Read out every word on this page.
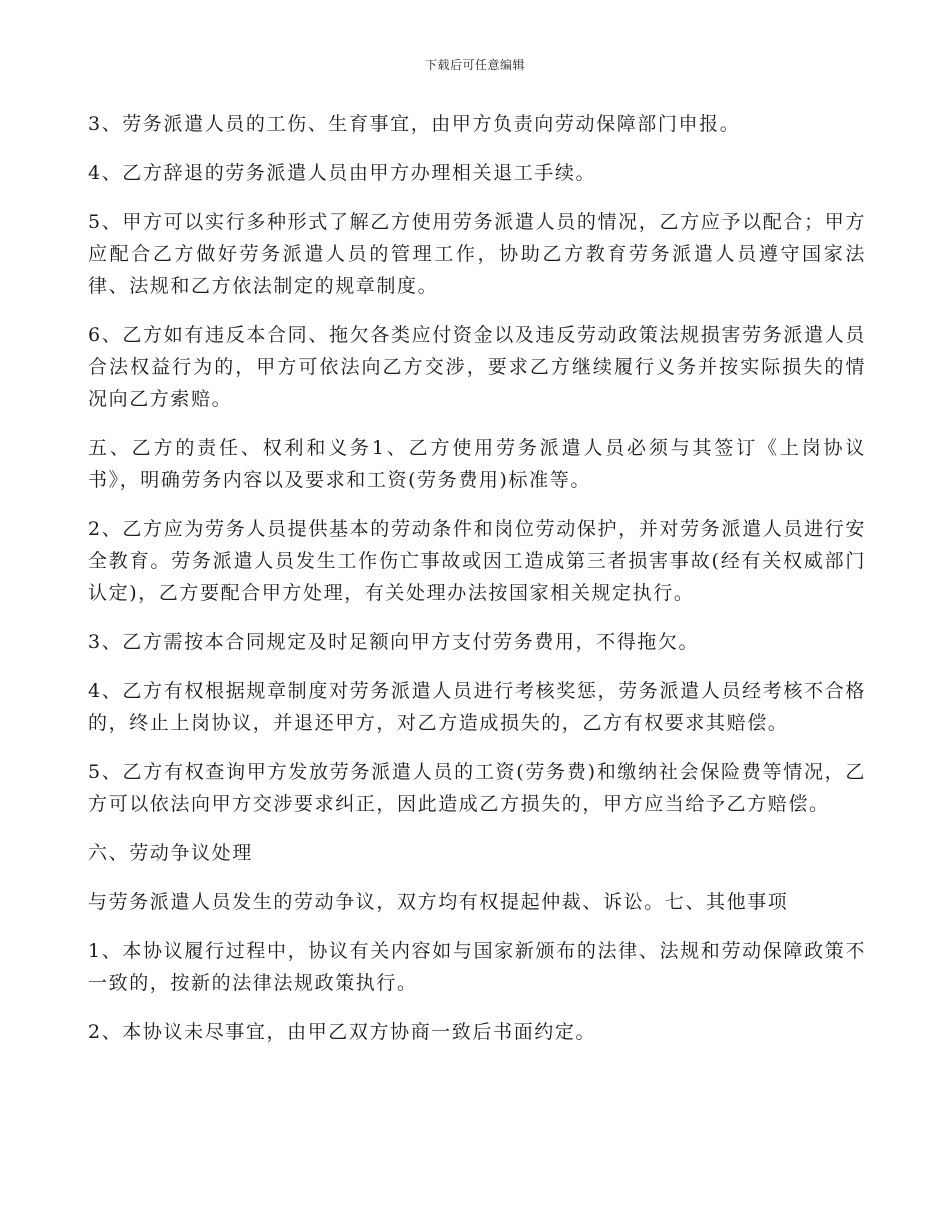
下载后可任意编辑

3、劳务派遣人员的工伤、生育事宜，由甲方负责向劳动保障部门申报。

4、乙方辞退的劳务派遣人员由甲方办理相关退工手续。

5、甲方可以实行多种形式了解乙方使用劳务派遣人员的情况，乙方应予以配合；甲方应配合乙方做好劳务派遣人员的管理工作，协助乙方教育劳务派遣人员遵守国家法律、法规和乙方依法制定的规章制度。

6、乙方如有违反本合同、拖欠各类应付资金以及违反劳动政策法规损害劳务派遣人员合法权益行为的，甲方可依法向乙方交涉，要求乙方继续履行义务并按实际损失的情况向乙方索赔。

五、乙方的责任、权利和义务1、乙方使用劳务派遣人员必须与其签订《上岗协议书》，明确劳务内容以及要求和工资(劳务费用)标准等。

2、乙方应为劳务人员提供基本的劳动条件和岗位劳动保护，并对劳务派遣人员进行安全教育。劳务派遣人员发生工作伤亡事故或因工造成第三者损害事故(经有关权威部门认定)，乙方要配合甲方处理，有关处理办法按国家相关规定执行。

3、乙方需按本合同规定及时足额向甲方支付劳务费用，不得拖欠。

4、乙方有权根据规章制度对劳务派遣人员进行考核奖惩，劳务派遣人员经考核不合格的，终止上岗协议，并退还甲方，对乙方造成损失的，乙方有权要求其赔偿。

5、乙方有权查询甲方发放劳务派遣人员的工资(劳务费)和缴纳社会保险费等情况，乙方可以依法向甲方交涉要求纠正，因此造成乙方损失的，甲方应当给予乙方赔偿。

六、劳动争议处理

与劳务派遣人员发生的劳动争议，双方均有权提起仲裁、诉讼。七、其他事项

1、本协议履行过程中，协议有关内容如与国家新颁布的法律、法规和劳动保障政策不一致的，按新的法律法规政策执行。

2、本协议未尽事宜，由甲乙双方协商一致后书面约定。
